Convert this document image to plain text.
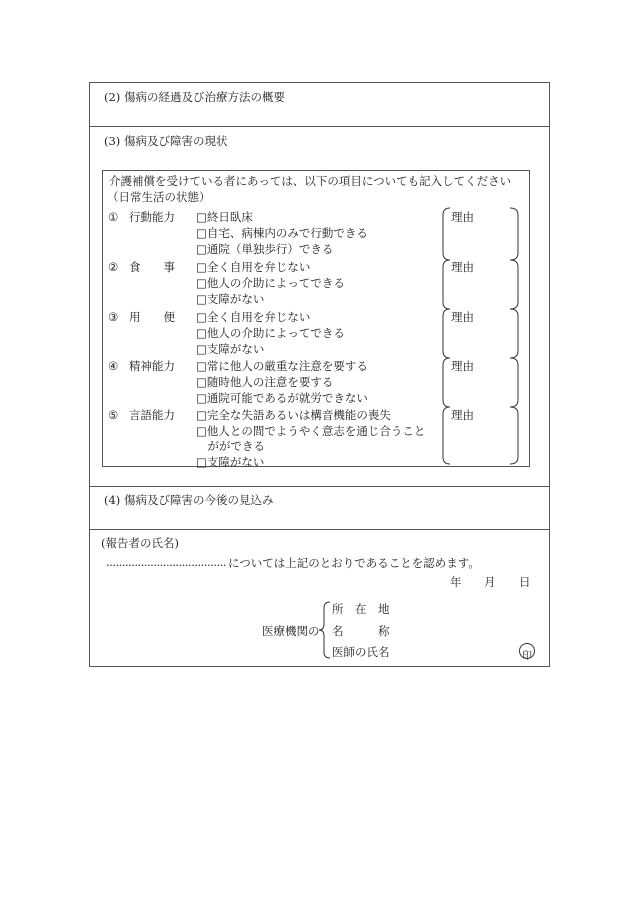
(2) 傷病の経過及び治療方法の概要
(3) 傷病及び障害の現状
(4) 傷病及び障害の今後の見込み
介護補償を受けている者にあっては、以下の項目についても記入してください
（日常生活の状態）
① 行動能力 □終日臥床
□自宅、病棟内のみで行動できる
□通院（単独歩行）できる
② 食　　事 □全く自用を弁じない
□他人の介助によってできる
□支障がない
③ 用　　便 □全く自用を弁じない
□他人の介助によってできる
□支障がない
④ 精神能力 □常に他人の厳重な注意を要する
□随時他人の注意を要する
□通院可能であるが就労できない
⑤ 言語能力 □完全な失語あるいは構音機能の喪失
□他人との間でようやく意志を通じ合うこと
　がができる
□支障がない
理由
理由
理由
理由
理由
(報告者の氏名)
...................................... については上記のとおりであることを認めます。
年 月 日
医療機関の
所　在　地
名　　　称
医師の氏名	印
